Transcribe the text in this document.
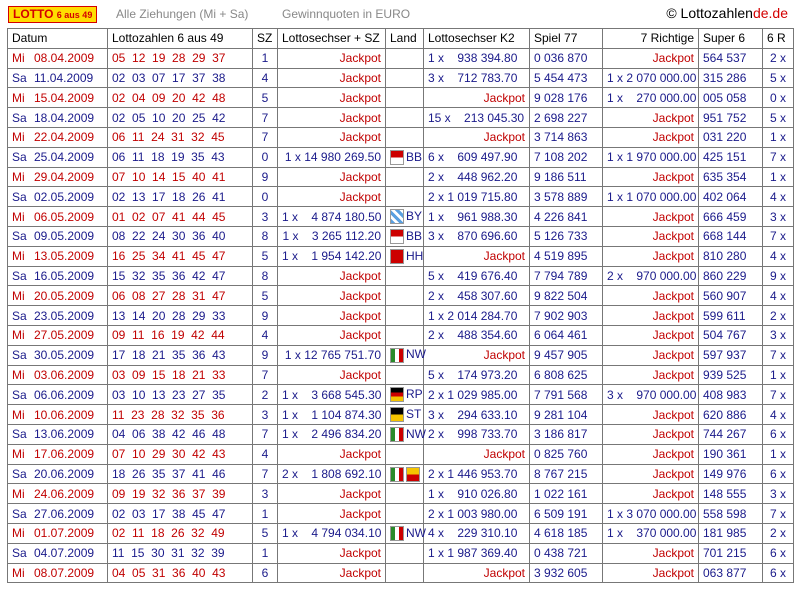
LOTTO 6 aus 49	Alle Ziehungen (Mi + Sa)	Gewinnquoten in EURO	© Lottozahlende.de
Datum	Lottozahlen 6 aus 49	SZ	Lottosechser + SZ	Land	Lottosechser K2	Spiel 77	7 Richtige	Super 6	6 R
Mi 08.04.2009	05  12  19  28  29  37	1	Jackpot		1 x    938 394.80	0 036 870	Jackpot	564 537	2 x
Sa 11.04.2009	02  03  07  17  37  38	4	Jackpot		3 x    712 783.70	5 454 473	1 x 2 070 000.00	315 286	5 x
Mi 15.04.2009	02  04  09  20  42  48	5	Jackpot		Jackpot	9 028 176	1 x    270 000.00	005 058	0 x
Sa 18.04.2009	02  05  10  20  25  42	7	Jackpot		15 x    213 045.30	2 698 227	Jackpot	951 752	5 x
Mi 22.04.2009	06  11  24  31  32  45	7	Jackpot		Jackpot	3 714 863	Jackpot	031 220	1 x
Sa 25.04.2009	06  11  18  19  35  43	0	1 x 14 980 269.50	BB	6 x    609 497.90	7 108 202	1 x 1 970 000.00	425 151	7 x
Mi 29.04.2009	07  10  14  15  40  41	9	Jackpot		2 x    448 962.20	9 186 511	Jackpot	635 354	1 x
Sa 02.05.2009	02  13  17  18  26  41	0	Jackpot		2 x 1 019 715.80	3 578 889	1 x 1 070 000.00	402 064	4 x
Mi 06.05.2009	01  02  07  41  44  45	3	1 x    4 874 180.50	BY	1 x    961 988.30	4 226 841	Jackpot	666 459	3 x
Sa 09.05.2009	08  22  24  30  36  40	8	1 x    3 265 112.20	BB	3 x    870 696.60	5 126 733	Jackpot	668 144	7 x
Mi 13.05.2009	16  25  34  41  45  47	5	1 x    1 954 142.20	HH	Jackpot	4 519 895	Jackpot	810 280	4 x
Sa 16.05.2009	15  32  35  36  42  47	8	Jackpot		5 x    419 676.40	7 794 789	2 x    970 000.00	860 229	9 x
Mi 20.05.2009	06  08  27  28  31  47	5	Jackpot		2 x    458 307.60	9 822 504	Jackpot	560 907	4 x
Sa 23.05.2009	13  14  20  28  29  33	9	Jackpot		1 x 2 014 284.70	7 902 903	Jackpot	599 611	2 x
Mi 27.05.2009	09  11  16  19  42  44	4	Jackpot		2 x    488 354.60	6 064 461	Jackpot	504 767	3 x
Sa 30.05.2009	17  18  21  35  36  43	9	1 x 12 765 751.70	NW	Jackpot	9 457 905	Jackpot	597 937	7 x
Mi 03.06.2009	03  09  15  18  21  33	7	Jackpot		5 x    174 973.20	6 808 625	Jackpot	939 525	1 x
Sa 06.06.2009	03  10  13  23  27  35	2	1 x    3 668 545.30	RP	2 x 1 029 985.00	7 791 568	3 x    970 000.00	408 983	7 x
Mi 10.06.2009	11  23  28  32  35  36	3	1 x    1 104 874.30	ST	3 x    294 633.10	9 281 104	Jackpot	620 886	4 x
Sa 13.06.2009	04  06  38  42  46  48	7	1 x    2 496 834.20	NW	2 x    998 733.70	3 186 817	Jackpot	744 267	6 x
Mi 17.06.2009	07  10  29  30  42  43	4	Jackpot		Jackpot	0 825 760	Jackpot	190 361	1 x
Sa 20.06.2009	18  26  35  37  41  46	7	2 x    1 808 692.10		2 x 1 446 953.70	8 767 215	Jackpot	149 976	6 x
Mi 24.06.2009	09  19  32  36  37  39	3	Jackpot		1 x    910 026.80	1 022 161	Jackpot	148 555	3 x
Sa 27.06.2009	02  03  17  38  45  47	1	Jackpot		2 x 1 003 980.00	6 509 191	1 x 3 070 000.00	558 598	7 x
Mi 01.07.2009	02  11  18  26  32  49	5	1 x    4 794 034.10	NW	4 x    229 310.10	4 618 185	1 x    370 000.00	181 985	2 x
Sa 04.07.2009	11  15  30  31  32  39	1	Jackpot		1 x 1 987 369.40	0 438 721	Jackpot	701 215	6 x
Mi 08.07.2009	04  05  31  36  40  43	6	Jackpot		Jackpot	3 932 605	Jackpot	063 877	6 x
